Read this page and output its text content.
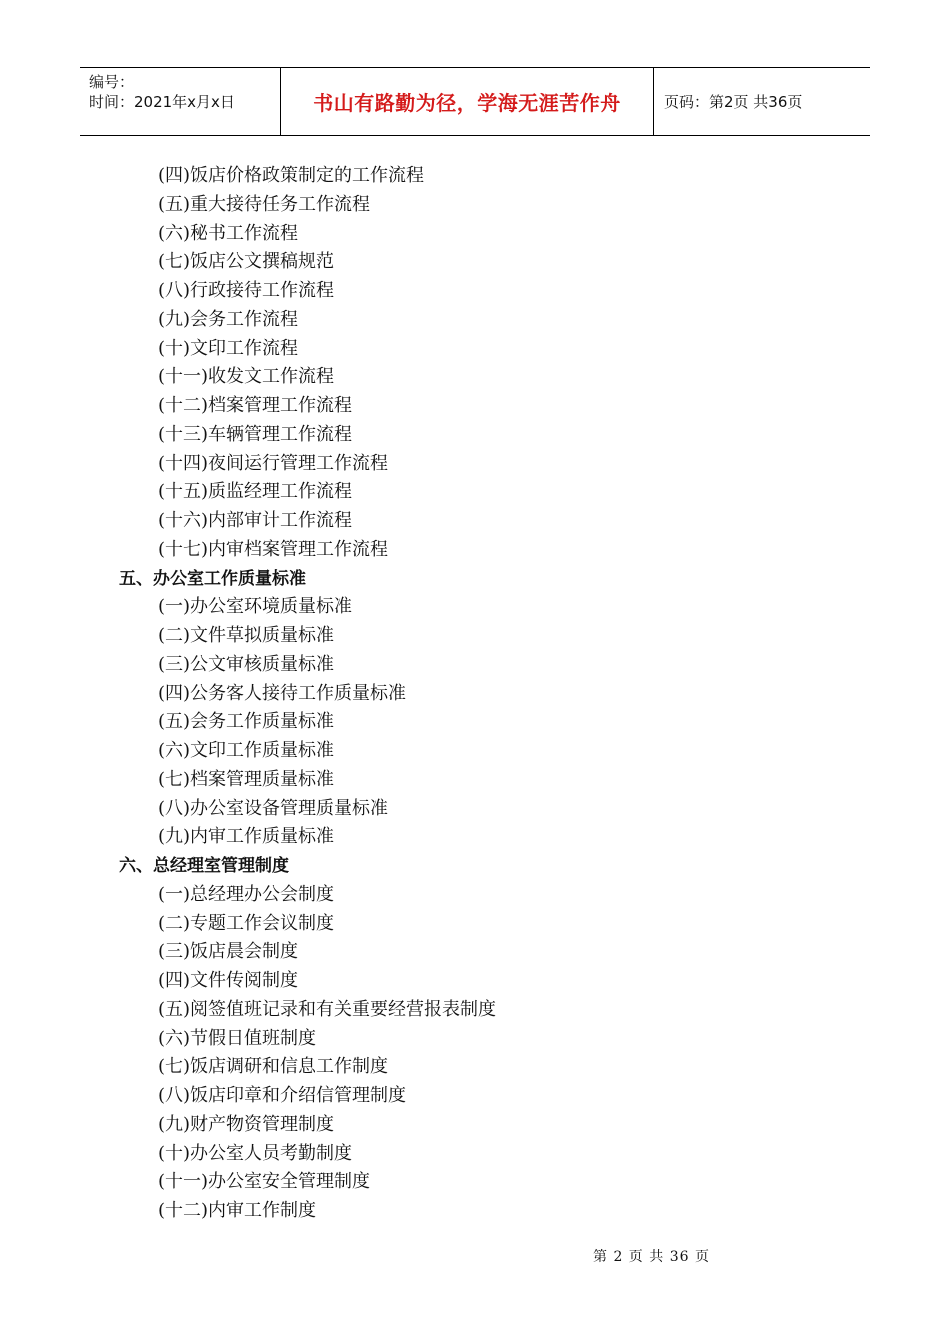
编号：
时间：2021年x月x日	书山有路勤为径，学海无涯苦作舟	页码：第2页 共36页
(四)饭店价格政策制定的工作流程
(五)重大接待任务工作流程
(六)秘书工作流程
(七)饭店公文撰稿规范
(八)行政接待工作流程
(九)会务工作流程
(十)文印工作流程
(十一)收发文工作流程
(十二)档案管理工作流程
(十三)车辆管理工作流程
(十四)夜间运行管理工作流程
(十五)质监经理工作流程
(十六)内部审计工作流程
(十七)内审档案管理工作流程
五、办公室工作质量标准
(一)办公室环境质量标准
(二)文件草拟质量标准
(三)公文审核质量标准
(四)公务客人接待工作质量标准
(五)会务工作质量标准
(六)文印工作质量标准
(七)档案管理质量标准
(八)办公室设备管理质量标准
(九)内审工作质量标准
六、总经理室管理制度
(一)总经理办公会制度
(二)专题工作会议制度
(三)饭店晨会制度
(四)文件传阅制度
(五)阅签值班记录和有关重要经营报表制度
(六)节假日值班制度
(七)饭店调研和信息工作制度
(八)饭店印章和介绍信管理制度
(九)财产物资管理制度
(十)办公室人员考勤制度
(十一)办公室安全管理制度
(十二)内审工作制度
第 2 页 共 36 页
